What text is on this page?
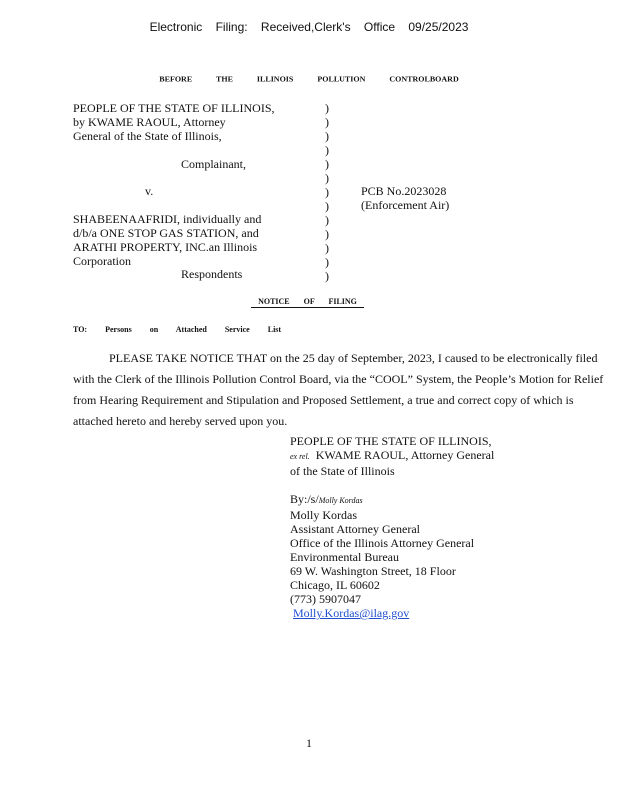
Electronic Filing: Received,Clerk's Office 09/25/2023
BEFORE THE ILLINOIS POLLUTION CONTROLBOARD
PEOPLE OF THE STATE OF ILLINOIS,
by KWAME RAOUL, Attorney
General of the State of Illinois,
Complainant,
v.
SHABEENAAFRIDI, individually and
d/b/a ONE STOP GAS STATION, and
ARATHI PROPERTY, INC.an Illinois
Corporation
Respondents
)
)
)
)
)
)
)
)
)
)
)
)
)
PCB No.2023028
(Enforcement Air)
NOTICE OF FILING
TO: Persons on Attached Service List

PLEASE TAKE NOTICE THAT on the 25 day of September, 2023, I caused to be electronically filed with the Clerk of the Illinois Pollution Control Board, via the “COOL” System, the People’s Motion for Relief from Hearing Requirement and Stipulation and Proposed Settlement, a true and correct copy of which is attached hereto and hereby served upon you.

PEOPLE OF THE STATE OF ILLINOIS,
ex rel. KWAME RAOUL, Attorney General
of the State of Illinois
By:/s/Molly Kordas
Molly Kordas
Assistant Attorney General
Office of the Illinois Attorney General
Environmental Bureau
69 W. Washington Street, 18 Floor
Chicago, IL 60602
(773) 5907047
Molly.Kordas@ilag.gov
1
